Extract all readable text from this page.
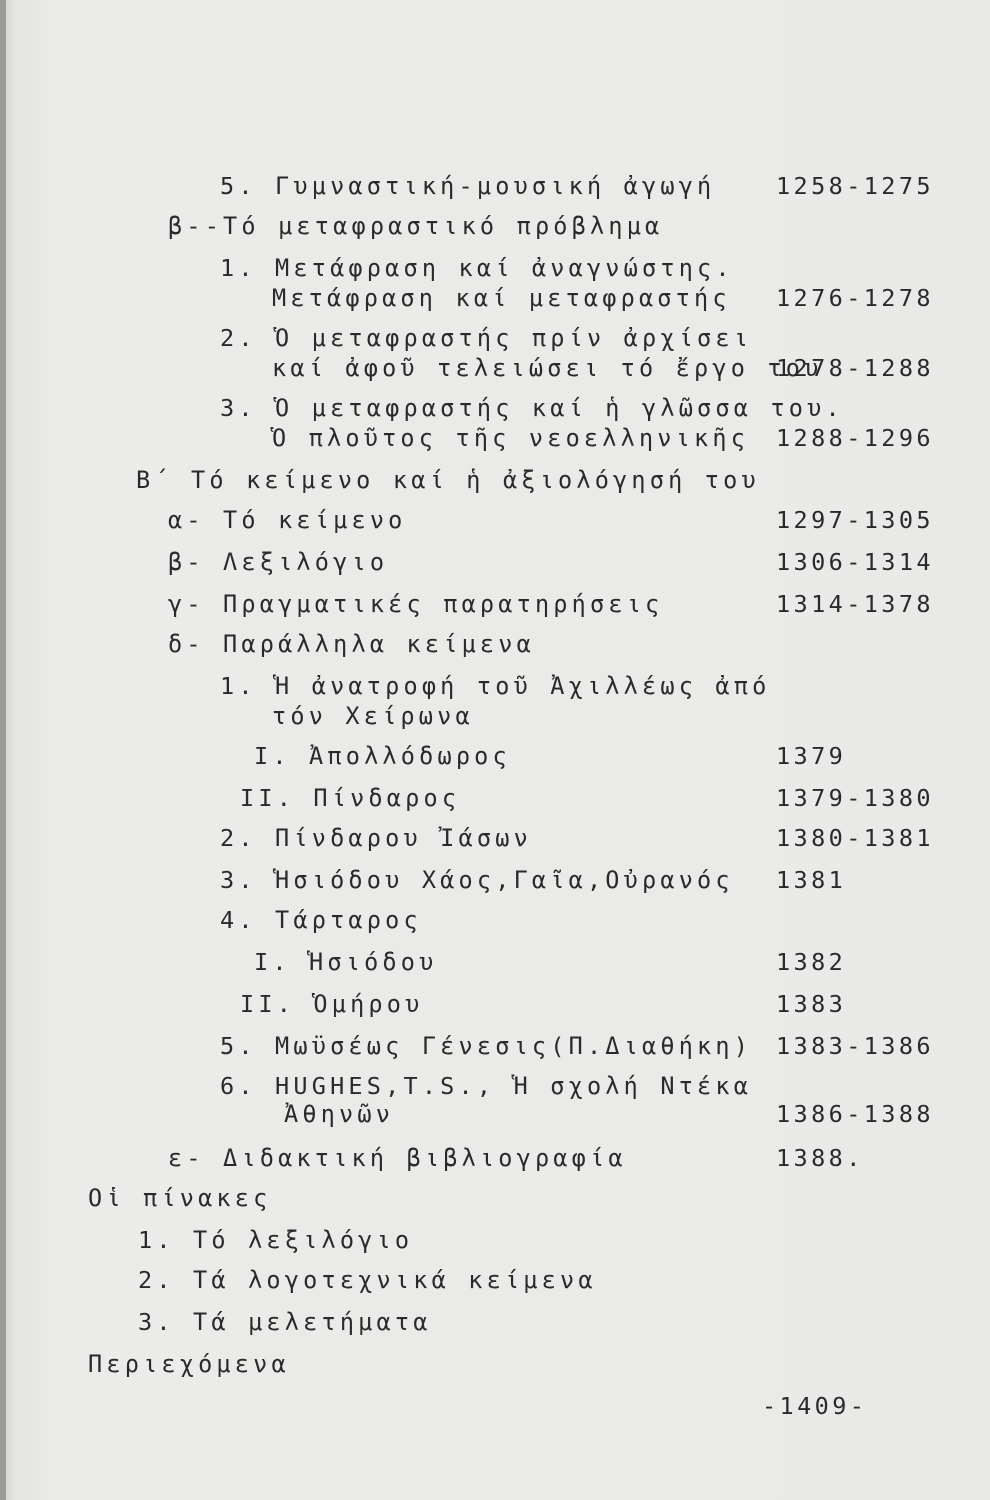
5. Γυμναστική-μουσική ἀγωγή	1258-1275
β--Τό μεταφραστικό πρόβλημα
1. Μετάφραση καί ἀναγνώστης.
Μετάφραση καί μεταφραστής 1276-1278
2. Ὁ μεταφραστής πρίν ἀρχίσει
καί ἀφοῦ τελειώσει τό ἔργο του
1278-1288
3. Ὁ μεταφραστής καί ἡ γλῶσσα του.
Ὁ πλοῦτος τῆς νεοελληνικῆς 1288-1296
Β΄ Τό κείμενο καί ἡ ἀξιολόγησή του
α- Τό κείμενο	1297-1305
β- Λεξιλόγιο	1306-1314
γ- Πραγματικές παρατηρήσεις	1314-1378
δ- Παράλληλα κείμενα
1. Ἡ ἀνατροφή τοῦ Ἀχιλλέως ἀπό
τόν Χείρωνα
I. Ἀπολλόδωρος	1379
II. Πίνδαρος	1379-1380
2. Πίνδαρου Ἰάσων	1380-1381
3. Ἡσιόδου Χάος,Γαῖα,Οὐρανός 1381
4. Τάρταρος
I. Ἡσιόδου	1382
II. Ὁμήρου	1383
5. Μωϋσέως Γένεσις(Π.Διαθήκη) 1383-1386
6. HUGHES,T.S., Ἡ σχολή Ντέκα
Ἀθηνῶν	1386-1388
ε- Διδακτική βιβλιογραφία	1388.
Οἱ πίνακες
1. Τό λεξιλόγιο
2. Τά λογοτεχνικά κείμενα
3. Τά μελετήματα
Περιεχόμενα
-1409-
